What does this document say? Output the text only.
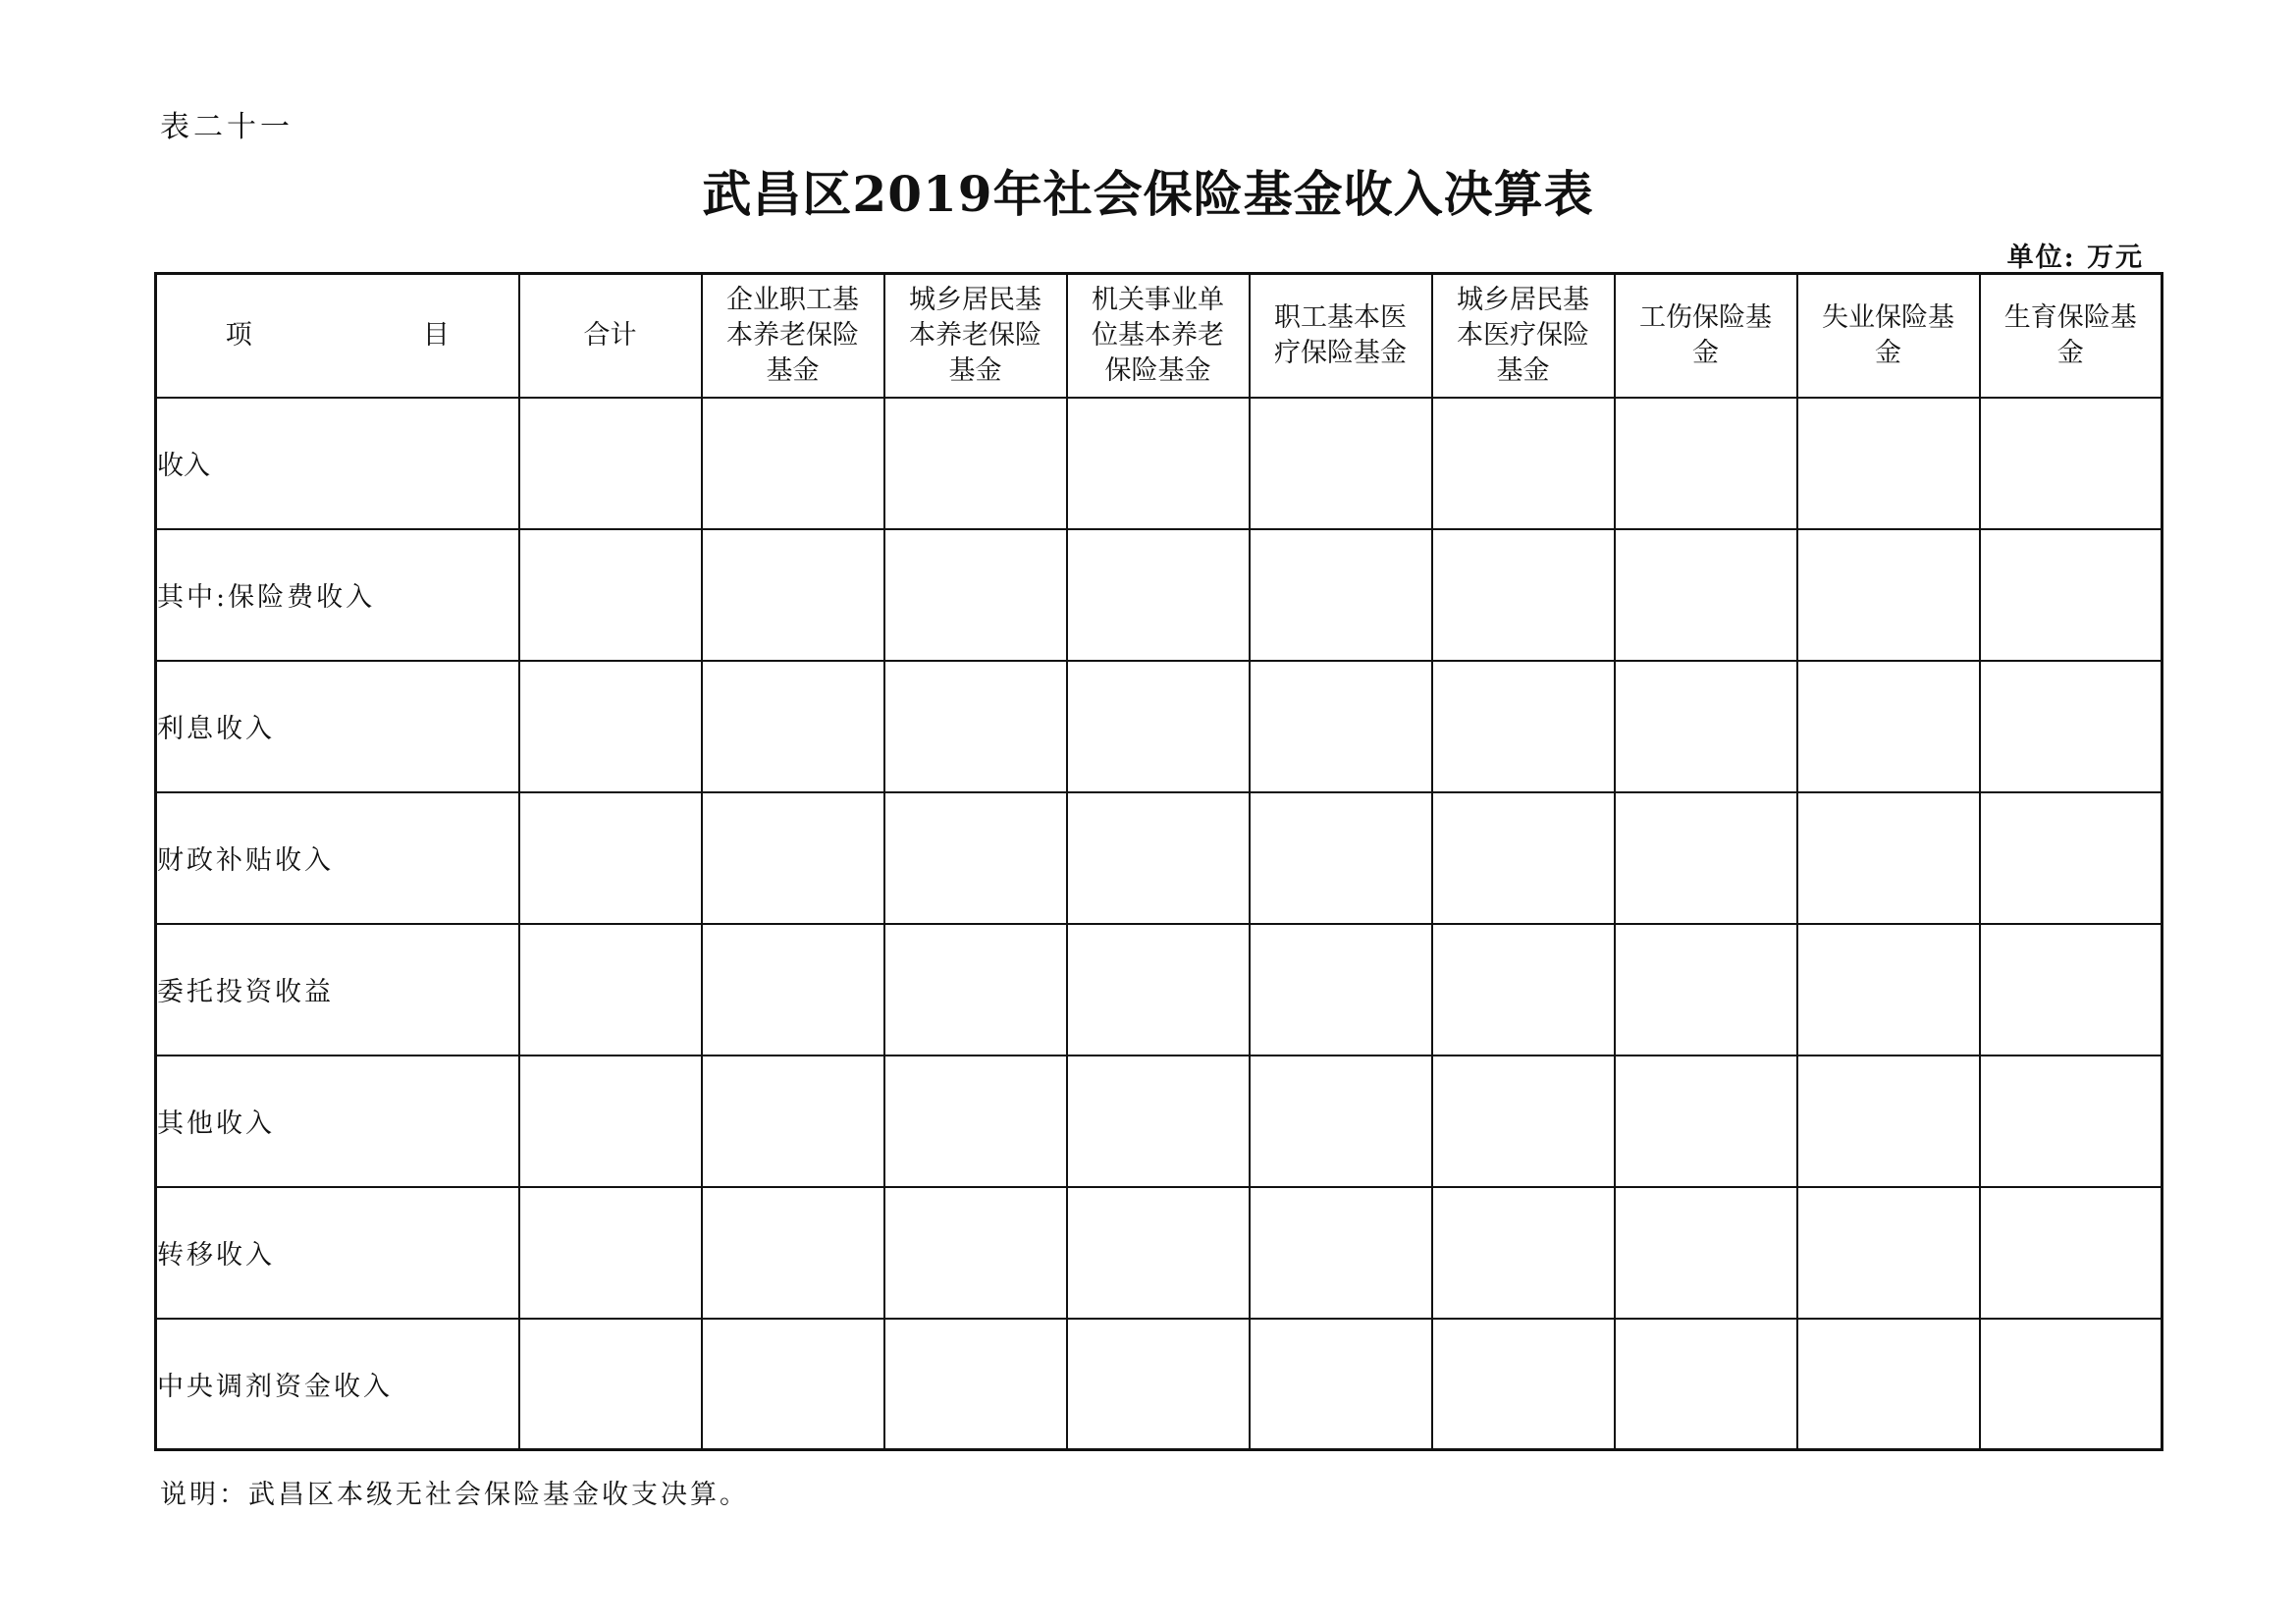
表二十一
武昌区2019年社会保险基金收入决算表
单位: 万元
项　　目	合计	企业职工基本养老保险基金	城乡居民基本养老保险基金	机关事业单位基本养老保险基金	职工基本医疗保险基金	城乡居民基本医疗保险基金	工伤保险基金	失业保险基金	生育保险基金

收入									
其中:保险费收入									
利息收入									
财政补贴收入									
委托投资收益									
其他收入									
转移收入									
中央调剂资金收入									
说明：武昌区本级无社会保险基金收支决算。
